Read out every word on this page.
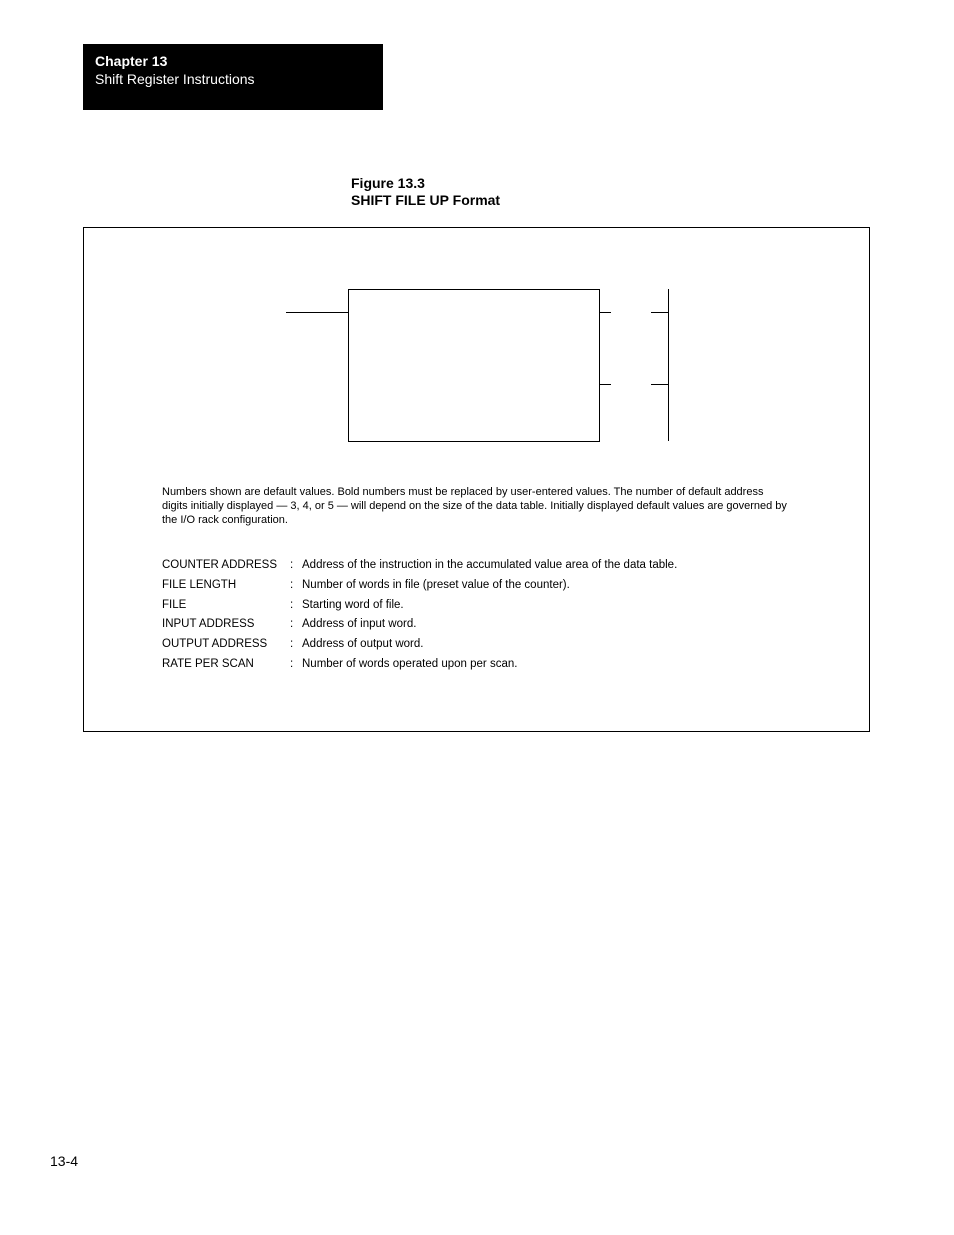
Chapter 13
Shift Register Instructions
Figure 13.3
SHIFT FILE UP Format
Numbers shown are default values. Bold numbers must be replaced by user-entered values. The number of default address digits initially displayed — 3, 4, or 5 — will depend on the size of the data table. Initially displayed default values are governed by the I/O rack configuration.
COUNTER ADDRESS : Address of the instruction in the accumulated value area of the data table.
FILE LENGTH	: Number of words in file (preset value of the counter).
FILE	: Starting word of file.
INPUT ADDRESS	: Address of input word.
OUTPUT ADDRESS : Address of output word.
RATE PER SCAN	: Number of words operated upon per scan.
13-4
